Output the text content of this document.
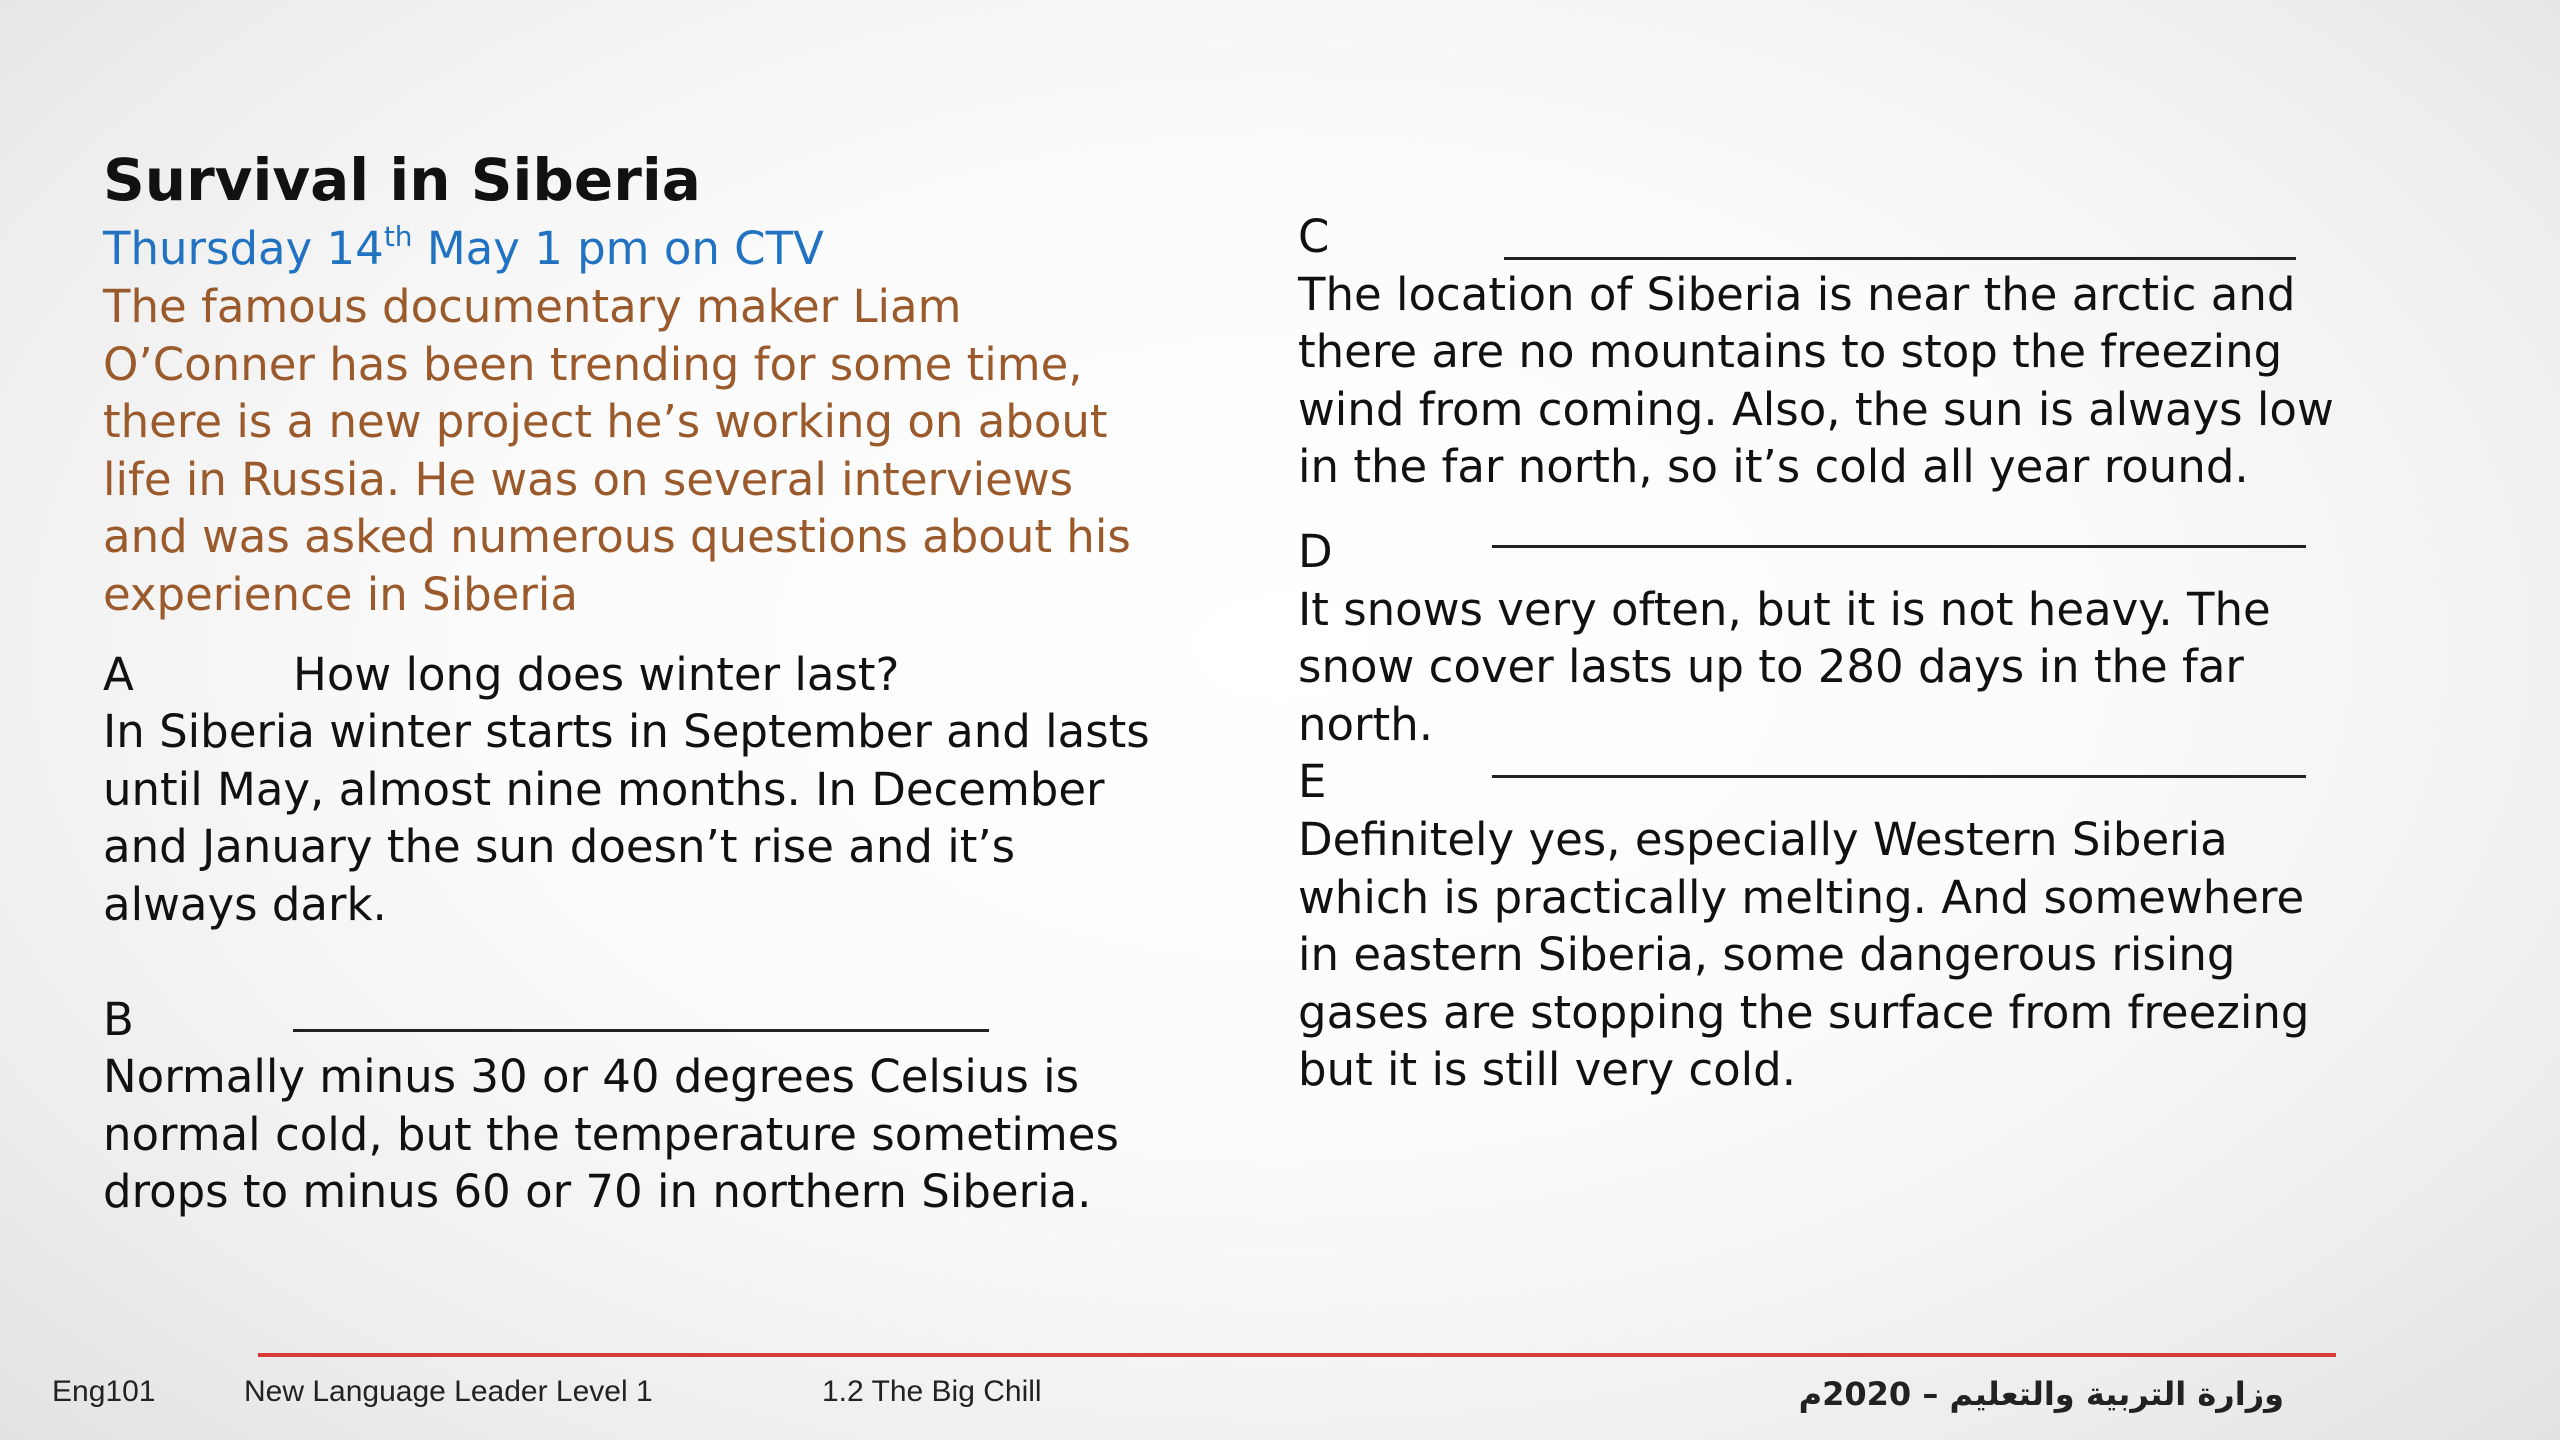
Survival in Siberia

Thursday 14th May 1 pm on CTV

The famous documentary maker Liam O’Conner has been trending for some time, there is a new project he’s working on about life in Russia. He was on several interviews and was asked numerous questions about his experience in Siberia

A	How long does winter last?

In Siberia winter starts in September and lasts until May, almost nine months. In December and January the sun doesn’t rise and it’s always dark.

B

Normally minus 30 or 40 degrees Celsius is normal cold, but the temperature sometimes drops to minus 60 or 70 in northern Siberia.

C

The location of Siberia is near the arctic and there are no mountains to stop the freezing wind from coming. Also, the sun is always low in the far north, so it’s cold all year round.

D

It snows very often, but it is not heavy. The snow cover lasts up to 280 days in the far north.

E

Definitely yes, especially Western Siberia which is practically melting. And somewhere in eastern Siberia, some dangerous rising gases are stopping the surface from freezing but it is still very cold.

Eng101	New Language Leader Level 1	1.2 The Big Chill	وزارة التربية والتعليم – 2020م
